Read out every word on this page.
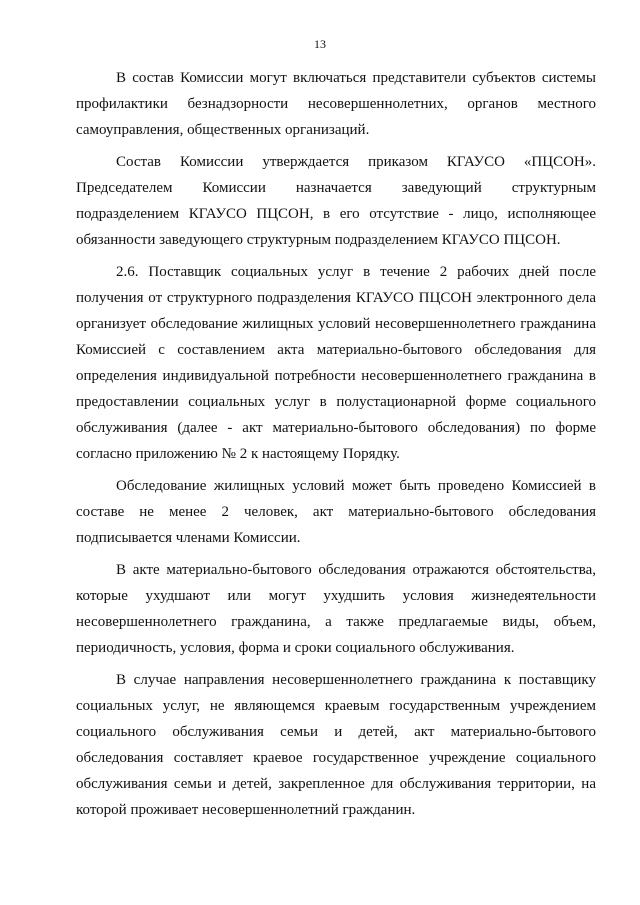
13

В состав Комиссии могут включаться представители субъектов системы профилактики безнадзорности несовершеннолетних, органов местного самоуправления, общественных организаций.

Состав Комиссии утверждается приказом КГАУСО «ПЦСОН». Председателем Комиссии назначается заведующий структурным подразделением КГАУСО ПЦСОН, в его отсутствие - лицо, исполняющее обязанности заведующего структурным подразделением КГАУСО ПЦСОН.

2.6. Поставщик социальных услуг в течение 2 рабочих дней после получения от структурного подразделения КГАУСО ПЦСОН электронного дела организует обследование жилищных условий несовершеннолетнего гражданина Комиссией с составлением акта материально-бытового обследования для определения индивидуальной потребности несовершеннолетнего гражданина в предоставлении социальных услуг в полустационарной форме социального обслуживания (далее - акт материально-бытового обследования) по форме согласно приложению № 2 к настоящему Порядку.

Обследование жилищных условий может быть проведено Комиссией в составе не менее 2 человек, акт материально-бытового обследования подписывается членами Комиссии.

В акте материально-бытового обследования отражаются обстоятельства, которые ухудшают или могут ухудшить условия жизнедеятельности несовершеннолетнего гражданина, а также предлагаемые виды, объем, периодичность, условия, форма и сроки социального обслуживания.

В случае направления несовершеннолетнего гражданина к поставщику социальных услуг, не являющемся краевым государственным учреждением социального обслуживания семьи и детей, акт материально-бытового обследования составляет краевое государственное учреждение социального обслуживания семьи и детей, закрепленное для обслуживания территории, на которой проживает несовершеннолетний гражданин.
